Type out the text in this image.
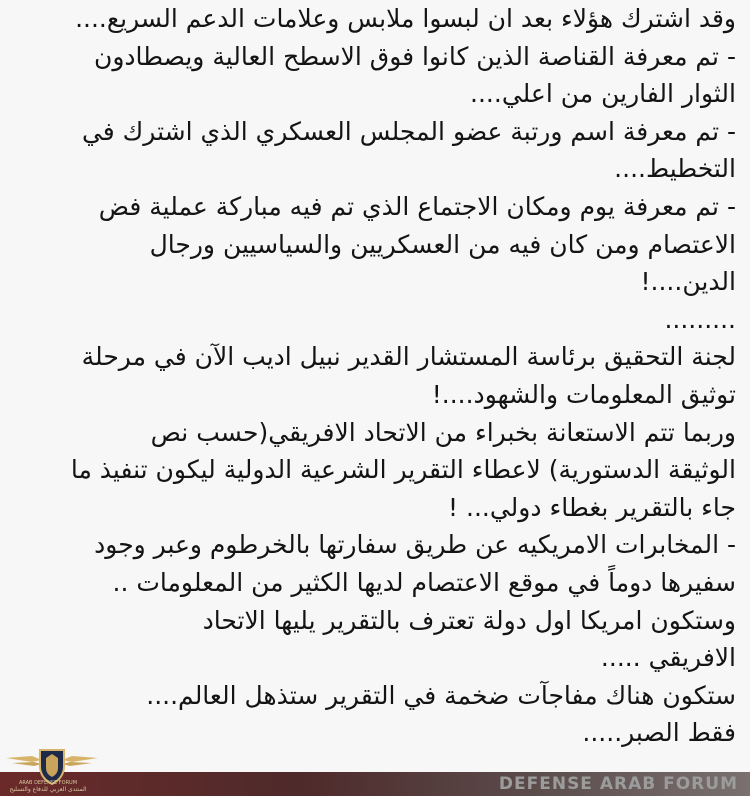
وقد اشترك هؤلاء بعد ان لبسوا ملابس وعلامات الدعم السريع....
- تم معرفة القناصة الذين كانوا فوق الاسطح العالية ويصطادون
الثوار الفارين من اعلي....
- تم معرفة اسم ورتبة عضو المجلس العسكري الذي اشترك في
التخطيط....
- تم معرفة يوم ومكان الاجتماع الذي تم فيه مباركة عملية فض
الاعتصام ومن كان فيه من العسكريين والسياسيين ورجال
الدين....!
.........
لجنة التحقيق برئاسة المستشار القدير نبيل اديب الآن في مرحلة
توثيق المعلومات والشهود....!
وربما تتم الاستعانة بخبراء من الاتحاد الافريقي(حسب نص
الوثيقة الدستورية) لاعطاء التقرير الشرعية الدولية ليكون تنفيذ ما
جاء بالتقرير بغطاء دولي... !
- المخابرات الامريكيه عن طريق سفارتها بالخرطوم وعبر وجود
سفيرها دوماً في موقع الاعتصام لديها الكثير من المعلومات ..
وستكون امريكا اول دولة تعترف بالتقرير يليها الاتحاد
الافريقي .....
ستكون هناك مفاجآت ضخمة في التقرير ستذهل العالم....
فقط الصبر.....
DEFENSE ARAB FORUM
ARAB DEFENSE FORUM
المنتدى العربي للدفاع والتسليح
